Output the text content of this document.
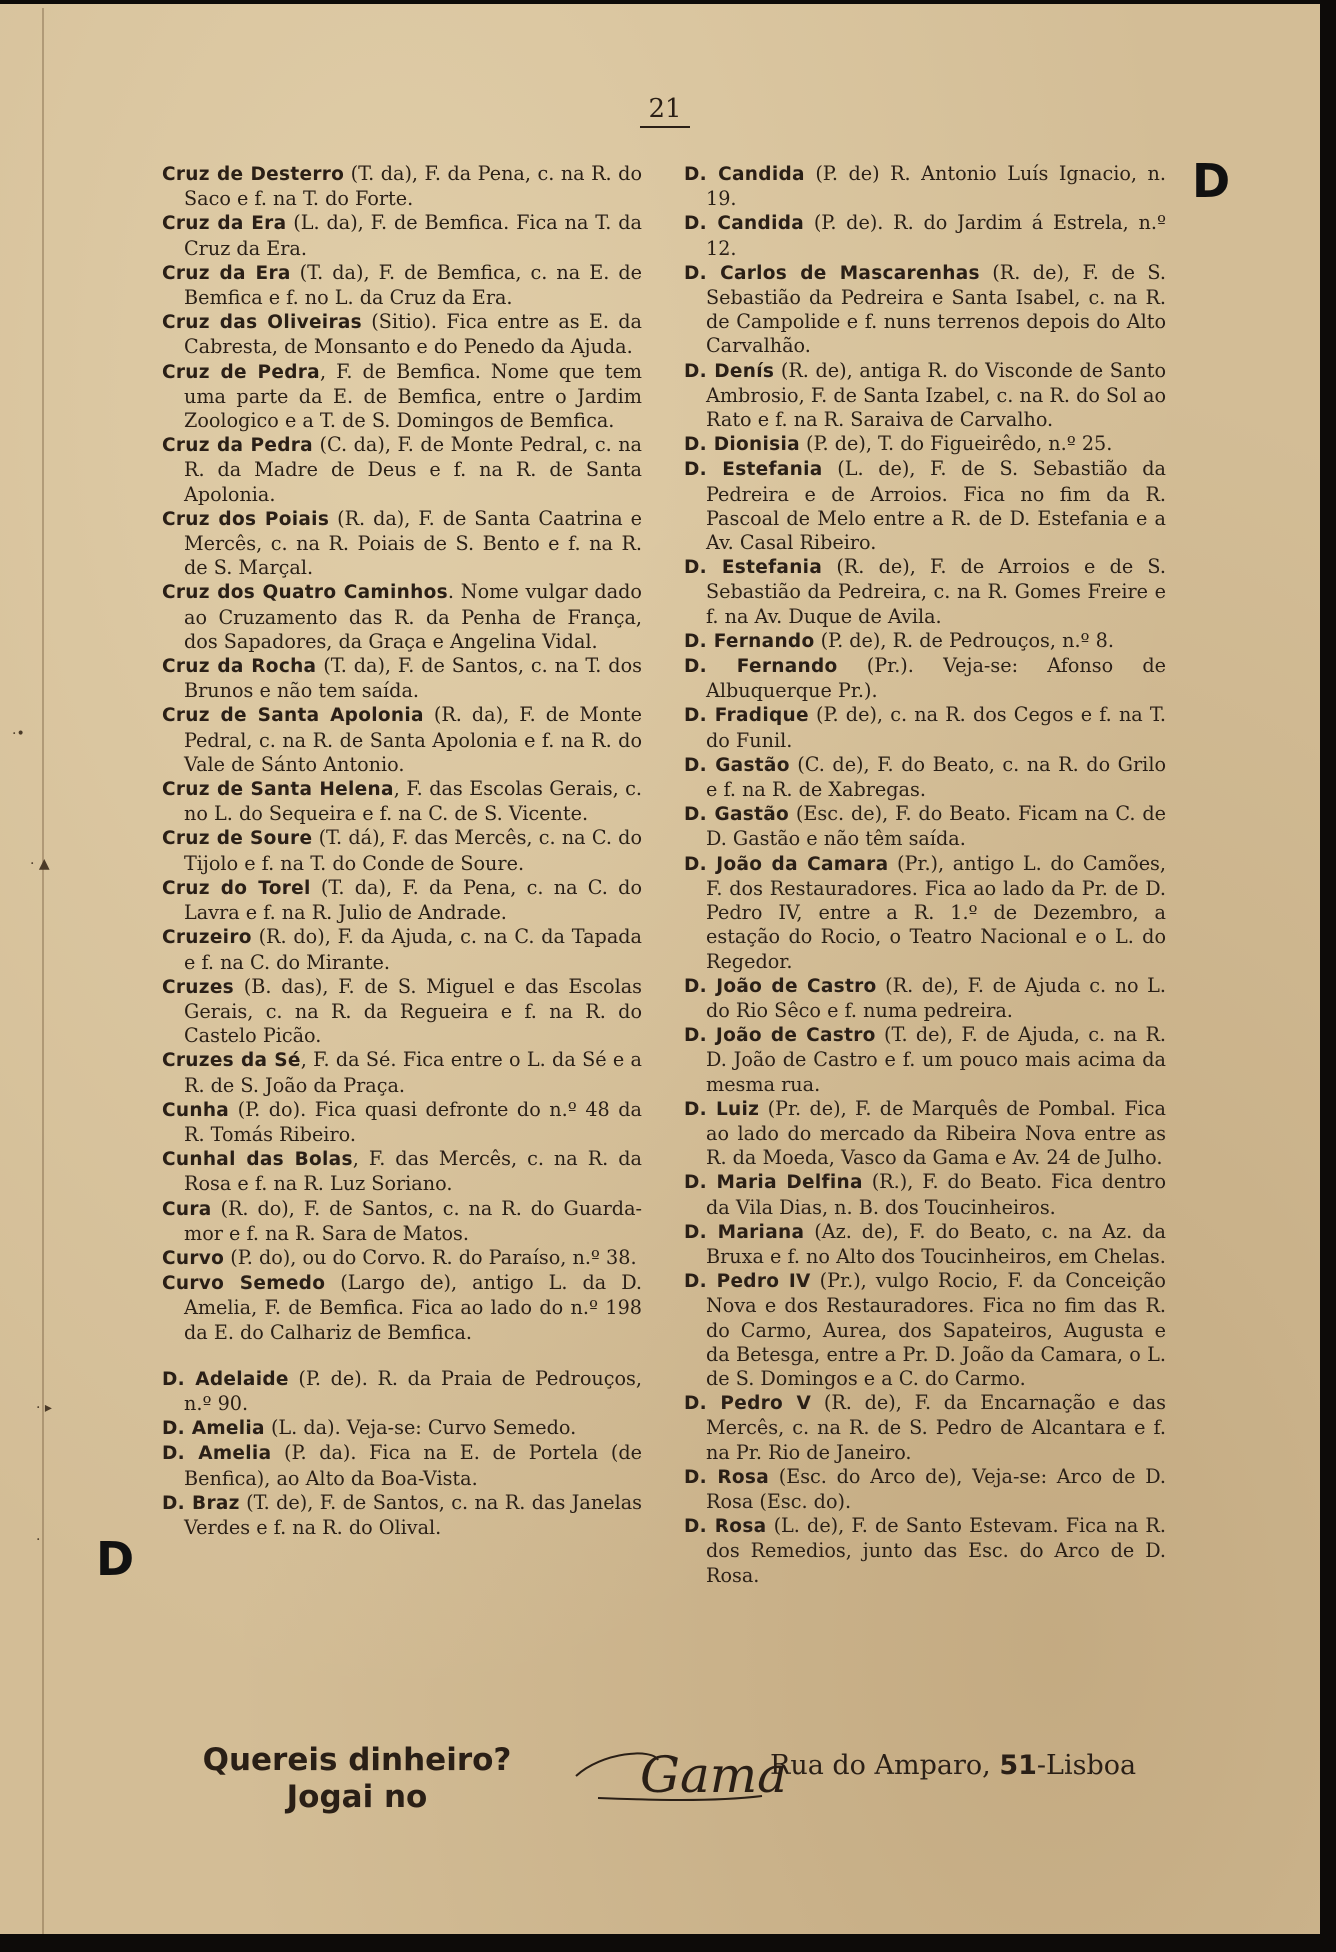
·•
· ▲
· ▸
·
21
D
D
Cruz de Desterro (T. da), F. da Pena, c. na R. do Saco e f. na T. do Forte.
Cruz da Era (L. da), F. de Bemfica. Fica na T. da Cruz da Era.
Cruz da Era (T. da), F. de Bemfica, c. na E. de Bemfica e f. no L. da Cruz da Era.
Cruz das Oliveiras (Sitio). Fica entre as E. da Cabresta, de Monsanto e do Penedo da Ajuda.
Cruz de Pedra, F. de Bemfica. Nome que tem uma parte da E. de Bemfica, entre o Jardim Zoologico e a T. de S. Domingos de Bemfica.
Cruz da Pedra (C. da), F. de Monte Pedral, c. na R. da Madre de Deus e f. na R. de Santa Apolonia.
Cruz dos Poiais (R. da), F. de Santa Caatrina e Mercês, c. na R. Poiais de S. Bento e f. na R. de S. Marçal.
Cruz dos Quatro Caminhos. Nome vulgar dado ao Cruzamento das R. da Penha de França, dos Sapadores, da Graça e Angelina Vidal.
Cruz da Rocha (T. da), F. de Santos, c. na T. dos Brunos e não tem saída.
Cruz de Santa Apolonia (R. da), F. de Monte Pedral, c. na R. de Santa Apolonia e f. na R. do Vale de Sánto Antonio.
Cruz de Santa Helena, F. das Escolas Gerais, c. no L. do Sequeira e f. na C. de S. Vicente.
Cruz de Soure (T. dá), F. das Mercês, c. na C. do Tijolo e f. na T. do Conde de Soure.
Cruz do Torel (T. da), F. da Pena, c. na C. do Lavra e f. na R. Julio de Andrade.
Cruzeiro (R. do), F. da Ajuda, c. na C. da Tapada e f. na C. do Mirante.
Cruzes (B. das), F. de S. Miguel e das Escolas Gerais, c. na R. da Regueira e f. na R. do Castelo Picão.
Cruzes da Sé, F. da Sé. Fica entre o L. da Sé e a R. de S. João da Praça.
Cunha (P. do). Fica quasi defronte do n.º 48 da R. Tomás Ribeiro.
Cunhal das Bolas, F. das Mercês, c. na R. da Rosa e f. na R. Luz Soriano.
Cura (R. do), F. de Santos, c. na R. do Guarda-mor e f. na R. Sara de Matos.
Curvo (P. do), ou do Corvo. R. do Paraíso, n.º 38.
Curvo Semedo (Largo de), antigo L. da D. Amelia, F. de Bemfica. Fica ao lado do n.º 198 da E. do Calhariz de Bemfica.
D. Adelaide (P. de). R. da Praia de Pedrouços, n.º 90.
D. Amelia (L. da). Veja-se: Curvo Semedo.
D. Amelia (P. da). Fica na E. de Portela (de Benfica), ao Alto da Boa-Vista.
D. Braz (T. de), F. de Santos, c. na R. das Janelas Verdes e f. na R. do Olival.
D. Candida (P. de) R. Antonio Luís Ignacio, n. 19.
D. Candida (P. de). R. do Jardim á Estrela, n.º 12.
D. Carlos de Mascarenhas (R. de), F. de S. Sebastião da Pedreira e Santa Isabel, c. na R. de Campolide e f. nuns terrenos depois do Alto Carvalhão.
D. Denís (R. de), antiga R. do Visconde de Santo Ambrosio, F. de Santa Izabel, c. na R. do Sol ao Rato e f. na R. Saraiva de Carvalho.
D. Dionisia (P. de), T. do Figueirêdo, n.º 25.
D. Estefania (L. de), F. de S. Sebastião da Pedreira e de Arroios. Fica no fim da R. Pascoal de Melo entre a R. de D. Estefania e a Av. Casal Ribeiro.
D. Estefania (R. de), F. de Arroios e de S. Sebastião da Pedreira, c. na R. Gomes Freire e f. na Av. Duque de Avila.
D. Fernando (P. de), R. de Pedrouços, n.º 8.
D. Fernando (Pr.). Veja-se: Afonso de Albuquerque Pr.).
D. Fradique (P. de), c. na R. dos Cegos e f. na T. do Funil.
D. Gastão (C. de), F. do Beato, c. na R. do Grilo e f. na R. de Xabregas.
D. Gastão (Esc. de), F. do Beato. Ficam na C. de D. Gastão e não têm saída.
D. João da Camara (Pr.), antigo L. do Camões, F. dos Restauradores. Fica ao lado da Pr. de D. Pedro IV, entre a R. 1.º de Dezembro, a estação do Rocio, o Teatro Nacional e o L. do Regedor.
D. João de Castro (R. de), F. de Ajuda c. no L. do Rio Sêco e f. numa pedreira.
D. João de Castro (T. de), F. de Ajuda, c. na R. D. João de Castro e f. um pouco mais acima da mesma rua.
D. Luiz (Pr. de), F. de Marquês de Pombal. Fica ao lado do mercado da Ribeira Nova entre as R. da Moeda, Vasco da Gama e Av. 24 de Julho.
D. Maria Delfina (R.), F. do Beato. Fica dentro da Vila Dias, n. B. dos Toucinheiros.
D. Mariana (Az. de), F. do Beato, c. na Az. da Bruxa e f. no Alto dos Toucinheiros, em Chelas.
D. Pedro IV (Pr.), vulgo Rocio, F. da Conceição Nova e dos Restauradores. Fica no fim das R. do Carmo, Aurea, dos Sapateiros, Augusta e da Betesga, entre a Pr. D. João da Camara, o L. de S. Domingos e a C. do Carmo.
D. Pedro V (R. de), F. da Encarnação e das Mercês, c. na R. de S. Pedro de Alcantara e f. na Pr. Rio de Janeiro.
D. Rosa (Esc. do Arco de), Veja-se: Arco de D. Rosa (Esc. do).
D. Rosa (L. de), F. de Santo Estevam. Fica na R. dos Remedios, junto das Esc. do Arco de D. Rosa.
Quereis dinheiro?
Jogai no	Gama
Rua do Amparo, 51-Lisboa
